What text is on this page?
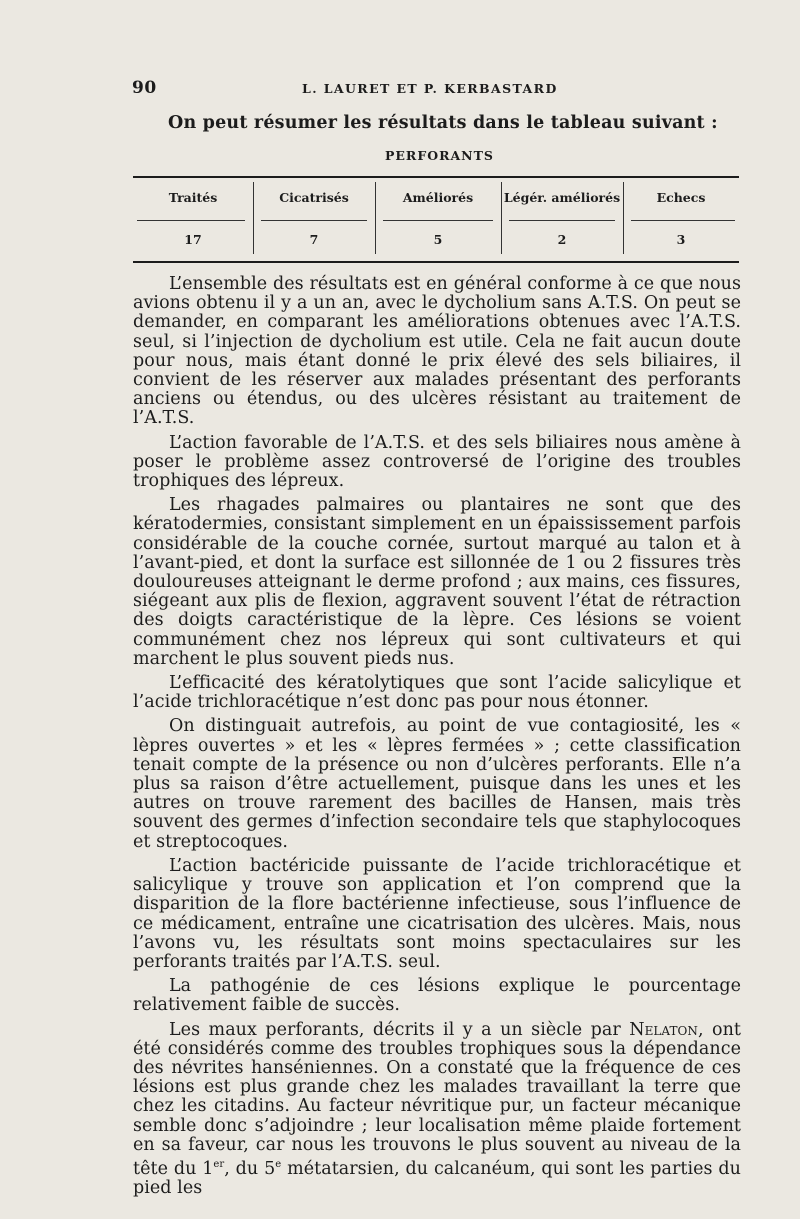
90	L. LAURET ET P. KERBASTARD
On peut résumer les résultats dans le tableau suivant :
PERFORANTS
Traités	Cicatrisés	Améliorés	Légér. améliorés	Echecs
17	7	5	2	3

L’ensemble des résultats est en général conforme à ce que nous avions obtenu il y a un an, avec le dycholium sans A.T.S. On peut se demander, en comparant les améliorations obtenues avec l’A.T.S. seul, si l’injection de dycholium est utile. Cela ne fait aucun doute pour nous, mais étant donné le prix élevé des sels biliaires, il convient de les réserver aux malades présentant des perforants anciens ou étendus, ou des ulcères résistant au traitement de l’A.T.S.

L’action favorable de l’A.T.S. et des sels biliaires nous amène à poser le problème assez controversé de l’origine des troubles trophiques des lépreux.

Les rhagades palmaires ou plantaires ne sont que des kératodermies, consistant simplement en un épaississement parfois considérable de la couche cornée, surtout marqué au talon et à l’avant-pied, et dont la surface est sillonnée de 1 ou 2 fissures très douloureuses atteignant le derme profond ; aux mains, ces fissures, siégeant aux plis de flexion, aggravent souvent l’état de rétraction des doigts caractéristique de la lèpre. Ces lésions se voient communément chez nos lépreux qui sont cultivateurs et qui marchent le plus souvent pieds nus.

L’efficacité des kératolytiques que sont l’acide salicylique et l’acide trichloracétique n’est donc pas pour nous étonner.

On distinguait autrefois, au point de vue contagiosité, les « lèpres ouvertes » et les « lèpres fermées » ; cette classification tenait compte de la présence ou non d’ulcères perforants. Elle n’a plus sa raison d’être actuellement, puisque dans les unes et les autres on trouve rarement des bacilles de Hansen, mais très souvent des germes d’infection secondaire tels que staphylocoques et streptocoques.

L’action bactéricide puissante de l’acide trichloracétique et salicylique y trouve son application et l’on comprend que la disparition de la flore bactérienne infectieuse, sous l’influence de ce médicament, entraîne une cicatrisation des ulcères. Mais, nous l’avons vu, les résultats sont moins spectaculaires sur les perforants traités par l’A.T.S. seul.

La pathogénie de ces lésions explique le pourcentage relativement faible de succès.

Les maux perforants, décrits il y a un siècle par Nelaton, ont été considérés comme des troubles trophiques sous la dépendance des névrites hanséniennes. On a constaté que la fréquence de ces lésions est plus grande chez les malades travaillant la terre que chez les citadins. Au facteur névritique pur, un facteur mécanique semble donc s’adjoindre ; leur localisation même plaide fortement en sa faveur, car nous les trouvons le plus souvent au niveau de la tête du 1er, du 5e métatarsien, du calcanéum, qui sont les parties du pied les
